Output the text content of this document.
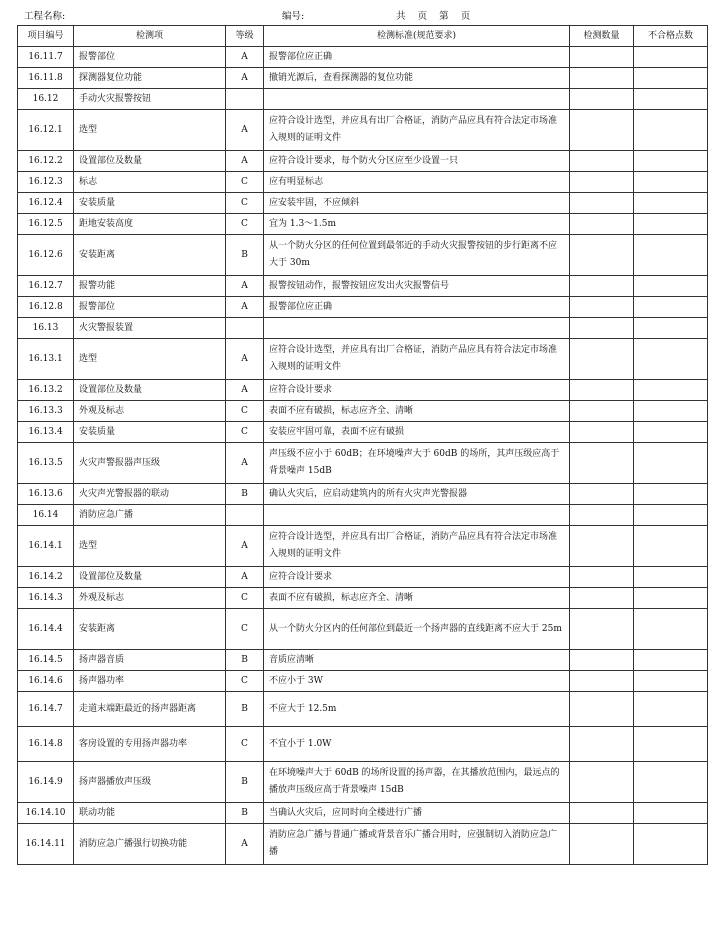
工程名称:	编号:	共    页    第    页
项目编号	检测项	等级	检测标准(规范要求)	检测数量	不合格点数
16.11.7	报警部位	A	报警部位应正确		
16.11.8	探测器复位功能	A	撤销光源后，查看探测器的复位功能		
16.12	手动火灾报警按钮				
16.12.1	选型	A	应符合设计选型，并应具有出厂合格证，消防产品应具有符合法定市场准入规则的证明文件		
16.12.2	设置部位及数量	A	应符合设计要求，每个防火分区应至少设置一只		
16.12.3	标志	C	应有明显标志		
16.12.4	安装质量	C	应安装牢固，不应倾斜		
16.12.5	距地安装高度	C	宜为 1.3～1.5m		
16.12.6	安装距离	B	从一个防火分区的任何位置到最邻近的手动火灾报警按钮的步行距离不应大于 30m		
16.12.7	报警功能	A	报警按钮动作，报警按钮应发出火灾报警信号		
16.12.8	报警部位	A	报警部位应正确		
16.13	火灾警报装置				
16.13.1	选型	A	应符合设计选型，并应具有出厂合格证，消防产品应具有符合法定市场准入规则的证明文件		
16.13.2	设置部位及数量	A	应符合设计要求		
16.13.3	外观及标志	C	表面不应有破损，标志应齐全、清晰		
16.13.4	安装质量	C	安装应牢固可靠，表面不应有破损		
16.13.5	火灾声警报器声压级	A	声压级不应小于 60dB；在环境噪声大于 60dB 的场所，其声压级应高于背景噪声 15dB		
16.13.6	火灾声光警报器的联动	B	确认火灾后，应启动建筑内的所有火灾声光警报器		
16.14	消防应急广播				
16.14.1	选型	A	应符合设计选型，并应具有出厂合格证，消防产品应具有符合法定市场准入规则的证明文件		
16.14.2	设置部位及数量	A	应符合设计要求		
16.14.3	外观及标志	C	表面不应有破损，标志应齐全、清晰		
16.14.4	安装距离	C	从一个防火分区内的任何部位到最近一个扬声器的直线距离不应大于 25m		
16.14.5	扬声器音质	B	音质应清晰		
16.14.6	扬声器功率	C	不应小于 3W		
16.14.7	走道末端距最近的扬声器距离	B	不应大于 12.5m		
16.14.8	客房设置的专用扬声器功率	C	不宜小于 1.0W		
16.14.9	扬声器播放声压级	B	在环境噪声大于 60dB 的场所设置的扬声器，在其播放范围内，最远点的播放声压级应高于背景噪声 15dB		
16.14.10	联动功能	B	当确认火灾后，应同时向全楼进行广播		
16.14.11	消防应急广播强行切换功能	A	消防应急广播与普通广播或背景音乐广播合用时，应强制切入消防应急广播		
